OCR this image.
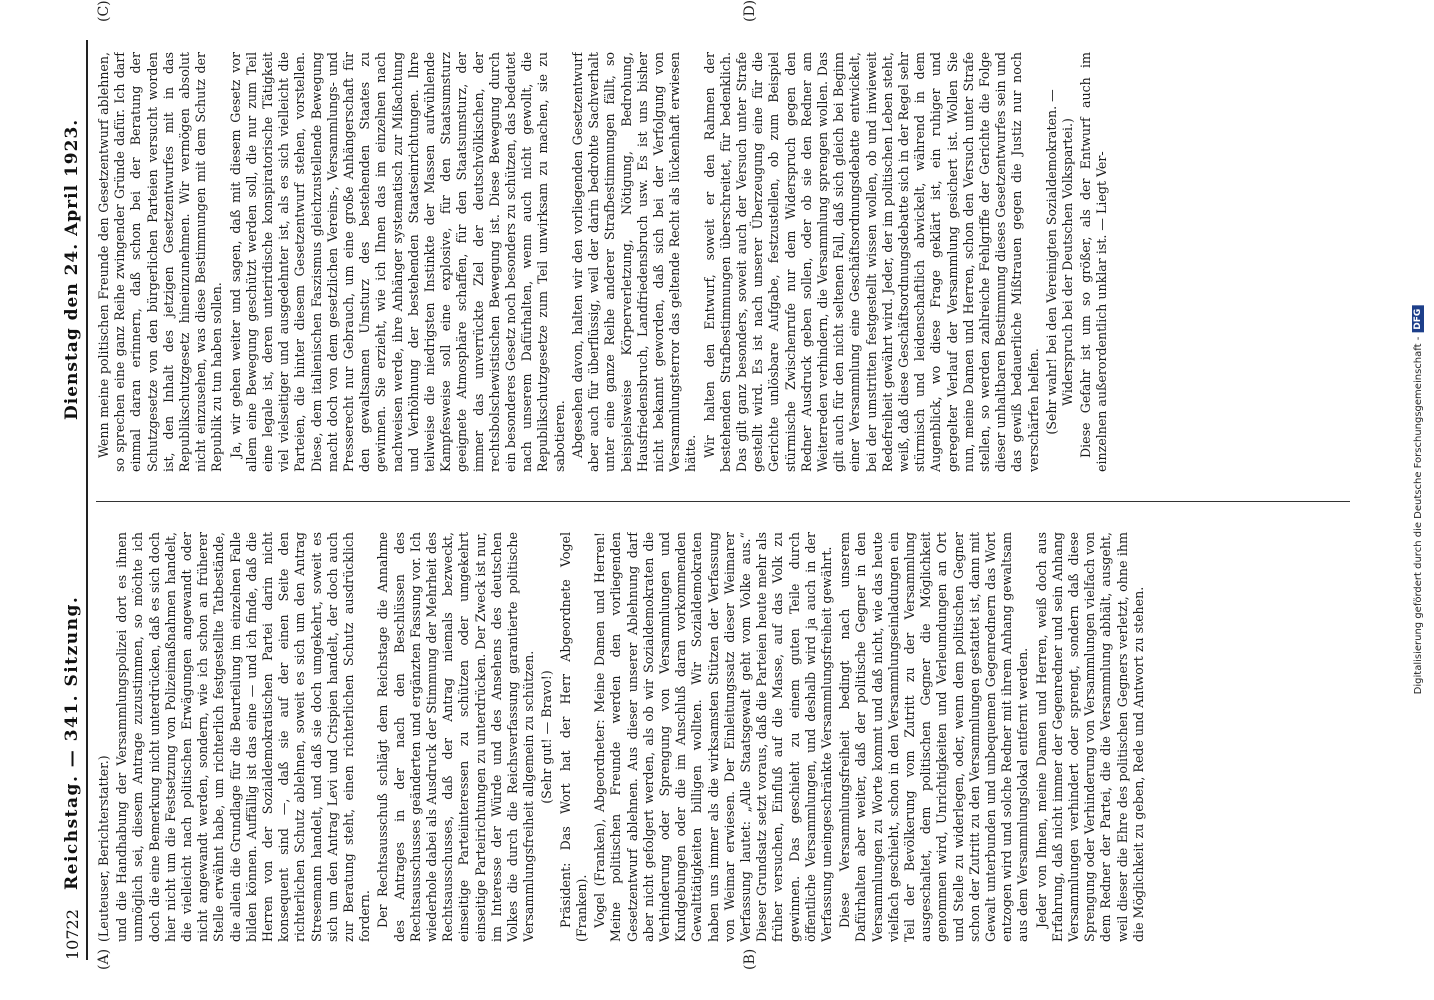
10722
Reichstag. — 341. Sitzung.
Dienstag den 24. April 1923.
(A)	(B)
(C)	(D)

(Leuteuser, Berichterstatter.) und die Handhabung der Versammlungspolizei dort es ihnen unmöglich sei, diesem Antrage zuzustimmen, so möchte ich doch die eine Bemerkung nicht unterdrücken, daß es sich doch hier nicht um die Festsetzung von Polizeimaßnahmen handelt, die vielleicht nach politischen Erwägungen angewandt oder nicht angewandt werden, sondern, wie ich schon an früherer Stelle erwähnt habe, um richterlich festgestellte Tatbestände, die allein die Grundlage für die Beurteilung im einzelnen Falle bilden können. Auffällig ist das eine — und ich finde, daß die Herren von der Sozialdemokratischen Partei darin nicht konsequent sind —, daß sie auf der einen Seite den richterlichen Schutz ablehnen, soweit es sich um den Antrag Stresemann handelt, und daß sie doch umgekehrt, soweit es sich um den Antrag Levi und Crispien handelt, der doch auch zur Beratung steht, einen richterlichen Schutz ausdrücklich fordern. Der Rechtsausschuß schlägt dem Reichstage die Annahme des Antrages in der nach den Beschlüssen des Rechtsausschusses geänderten und ergänzten Fassung vor. Ich wiederhole dabei als Ausdruck der Stimmung der Mehrheit des Rechtsausschusses, daß der Antrag niemals bezweckt, einseitige Parteiinteressen zu schützen oder umgekehrt einseitige Parteirichtungen zu unterdrücken. Der Zweck ist nur, im Interesse der Würde und des Ansehens des deutschen Volkes die durch die Reichsverfassung garantierte politische Versammlungsfreiheit allgemein zu schützen. (Sehr gut! — Bravo!) Präsident: Das Wort hat der Herr Abgeordnete Vogel (Franken). Vogel (Franken), Abgeordneter: Meine Damen und Herren! Meine politischen Freunde werden den vorliegenden Gesetzentwurf ablehnen. Aus dieser unserer Ablehnung darf aber nicht gefolgert werden, als ob wir Sozialdemokraten die Verhinderung oder Sprengung von Versammlungen und Kundgebungen oder die im Anschluß daran vorkommenden Gewalttätigkeiten billigen wollten. Wir Sozialdemokraten haben uns immer als die wirksamsten Stützen der Verfassung von Weimar erwiesen. Der Einleitungssatz dieser Weimarer Verfassung lautet: „Alle Staatsgewalt geht vom Volke aus.“ Dieser Grundsatz setzt voraus, daß die Parteien heute mehr als früher versuchen, Einfluß auf die Masse, auf das Volk zu gewinnen. Das geschieht zu einem guten Teile durch öffentliche Versammlungen, und deshalb wird ja auch in der Verfassung uneingeschränkte Versammlungsfreiheit gewährt. Diese Versammlungsfreiheit bedingt nach unserem Dafürhalten aber weiter, daß der politische Gegner in den Versammlungen zu Worte kommt und daß nicht, wie das heute vielfach geschieht, schon in den Versammlungseinladungen ein Teil der Bevölkerung vom Zutritt zu der Versammlung ausgeschaltet, dem politischen Gegner die Möglichkeit genommen wird, Unrichtigkeiten und Verleumdungen an Ort und Stelle zu widerlegen, oder, wenn dem politischen Gegner schon der Zutritt zu den Versammlungen gestattet ist, dann mit Gewalt unterbunden und unbequemen Gegenrednern das Wort entzogen wird und solche Redner mit ihrem Anhang gewaltsam aus dem Versammlungslokal entfernt werden. Jeder von Ihnen, meine Damen und Herren, weiß doch aus Erfahrung, daß nicht immer der Gegenredner und sein Anhang Versammlungen verhindert oder sprengt, sondern daß diese Sprengung oder Verhinderung von Versammlungen vielfach von dem Redner der Partei, die die Versammlung abhält, ausgeht, weil dieser die Ehre des politischen Gegners verletzt, ohne ihm die Möglichkeit zu geben, Rede und Antwort zu stehen.

Wenn meine politischen Freunde den Gesetzentwurf ablehnen, so sprechen eine ganz Reihe zwingender Gründe dafür. Ich darf einmal daran erinnern, daß schon bei der Beratung der Schutzgesetze von den bürgerlichen Parteien versucht worden ist, den Inhalt des jetzigen Gesetzentwurfes mit in das Republikschutzgesetz hineinzunehmen. Wir vermögen absolut nicht einzusehen, was diese Bestimmungen mit dem Schutz der Republik zu tun haben sollen. Ja, wir gehen weiter und sagen, daß mit diesem Gesetz vor allem eine Bewegung geschützt werden soll, die nur zum Teil eine legale ist, deren unterirdische konspiratorische Tätigkeit viel vielseitiger und ausgedehnter ist, als es sich vielleicht die Parteien, die hinter diesem Gesetzentwurf stehen, vorstellen. Diese, dem italienischen Faszismus gleichzustellende Bewegung macht doch von dem gesetzlichen Vereins-, Versammlungs- und Presserecht nur Gebrauch, um eine große Anhängerschaft für den gewaltsamen Umsturz des bestehenden Staates zu gewinnen. Sie erzieht, wie ich Ihnen das im einzelnen nach nachweisen werde, ihre Anhänger systematisch zur Mißachtung und Verhöhnung der bestehenden Staatseinrichtungen. Ihre teilweise die niedrigsten Instinkte der Massen aufwühlende Kampfesweise soll eine explosive, für den Staatsumsturz geeignete Atmosphäre schaffen, für den Staatsumsturz, der immer das unverrückte Ziel der deutschvölkischen, der rechtsbolschewistischen Bewegung ist. Diese Bewegung durch ein besonderes Gesetz noch besonders zu schützen, das bedeutet nach unserem Dafürhalten, wenn auch nicht gewollt, die Republikschutzgesetze zum Teil unwirksam zu machen, sie zu sabotieren. Abgesehen davon, halten wir den vorliegenden Gesetzentwurf aber auch für überflüssig, weil der darin bedrohte Sachverhalt unter eine ganze Reihe anderer Strafbestimmungen fällt, so beispielsweise Körperverletzung, Nötigung, Bedrohung, Hausfriedensbruch, Landfriedensbruch usw. Es ist uns bisher nicht bekannt geworden, daß sich bei der Verfolgung von Versammlungsterror das geltende Recht als lückenhaft erwiesen hätte. Wir halten den Entwurf, soweit er den Rahmen der bestehenden Strafbestimmungen überschreitet, für bedenklich. Das gilt ganz besonders, soweit auch der Versuch unter Strafe gestellt wird. Es ist nach unserer Überzeugung eine für die Gerichte unlösbare Aufgabe, festzustellen, ob zum Beispiel stürmische Zwischenrufe nur dem Widerspruch gegen den Redner Ausdruck geben sollen, oder ob sie den Redner am Weiterreden verhindern, die Versammlung sprengen wollen. Das gilt auch für den nicht seltenen Fall, daß sich gleich bei Beginn einer Versammlung eine Geschäftsordnungsdebatte entwickelt, bei der umstritten festgestellt wissen wollen, ob und inwieweit Redefreiheit gewährt wird. Jeder, der im politischen Leben steht, weiß, daß diese Geschäftsordnungsdebatte sich in der Regel sehr stürmisch und leidenschaftlich abwickelt, während in dem Augenblick, wo diese Frage geklärt ist, ein ruhiger und geregelter Verlauf der Versammlung gesichert ist. Wollen Sie nun, meine Damen und Herren, schon den Versuch unter Strafe stellen, so werden zahlreiche Fehlgriffe der Gerichte die Folge dieser unhaltbaren Bestimmung dieses Gesetzentwurfes sein und das gewiß bedauerliche Mißtrauen gegen die Justiz nur noch verschärfen helfen. (Sehr wahr! bei den Vereinigten Sozialdemokraten. — Widerspruch bei der Deutschen Volkspartei.) Diese Gefahr ist um so größer, als der Entwurf auch im einzelnen außerordentlich unklar ist. — Liegt Ver-

Digitalisierung gefördert durch die Deutsche Forschungsgemeinschaft -
DFG
